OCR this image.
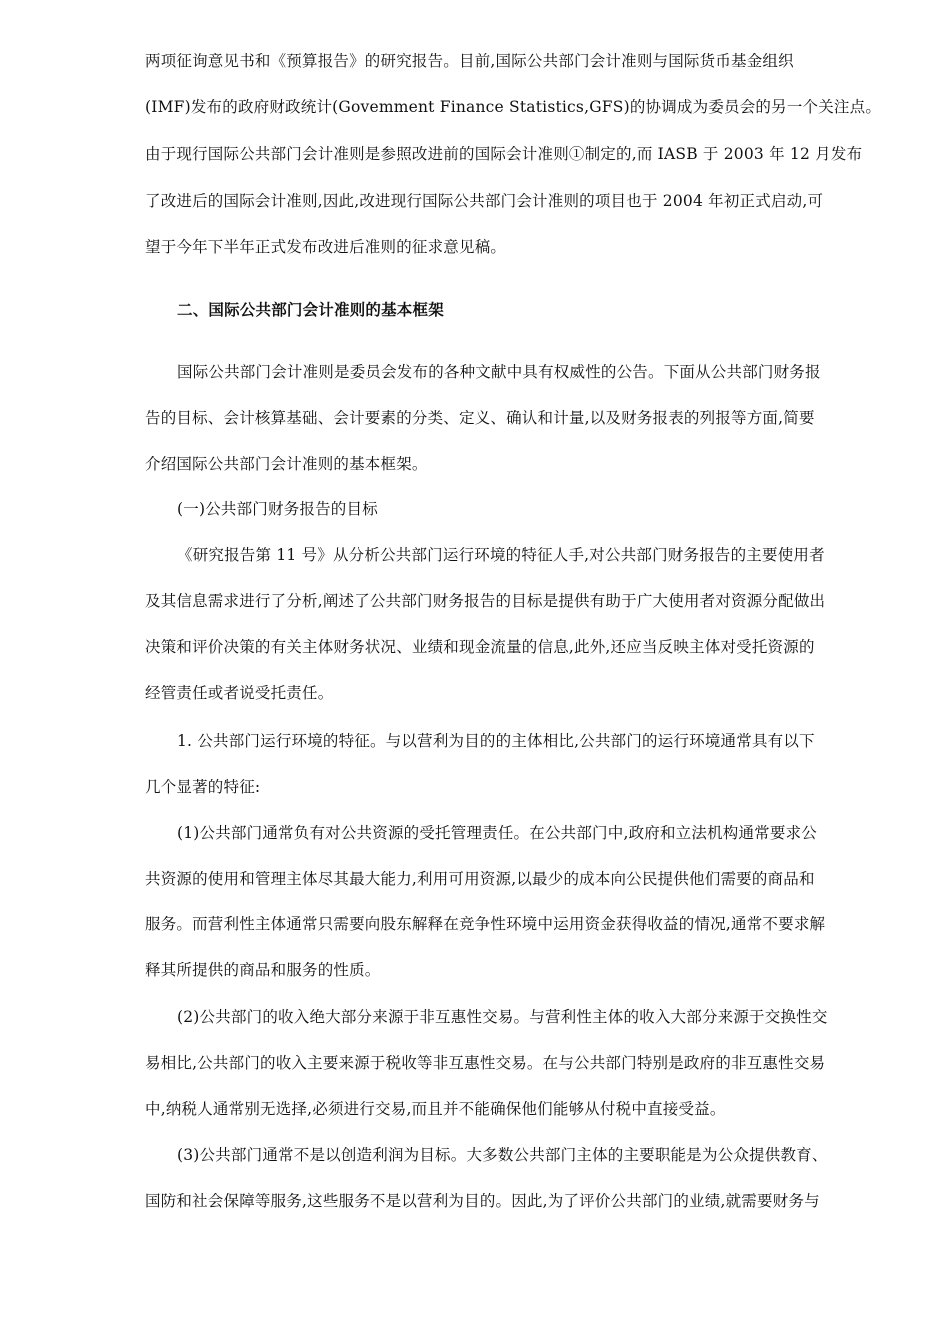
两项征询意见书和《预算报告》的研究报告。目前,国际公共部门会计准则与国际货币基金组织
(IMF)发布的政府财政统计(Govemment Finance Statistics,GFS)的协调成为委员会的另一个关注点。
由于现行国际公共部门会计准则是参照改进前的国际会计准则①制定的,而 IASB 于 2003 年 12 月发布
了改进后的国际会计准则,因此,改进现行国际公共部门会计准则的项目也于 2004 年初正式启动,可
望于今年下半年正式发布改进后准则的征求意见稿。
二、国际公共部门会计准则的基本框架
国际公共部门会计准则是委员会发布的各种文献中具有权威性的公告。下面从公共部门财务报
告的目标、会计核算基础、会计要素的分类、定义、确认和计量,以及财务报表的列报等方面,简要
介绍国际公共部门会计准则的基本框架。
(一)公共部门财务报告的目标
《研究报告第 11 号》从分析公共部门运行环境的特征人手,对公共部门财务报告的主要使用者
及其信息需求进行了分析,阐述了公共部门财务报告的目标是提供有助于广大使用者对资源分配做出
决策和评价决策的有关主体财务状况、业绩和现金流量的信息,此外,还应当反映主体对受托资源的
经管责任或者说受托责任。
1. 公共部门运行环境的特征。与以营利为目的的主体相比,公共部门的运行环境通常具有以下
几个显著的特征:
(1)公共部门通常负有对公共资源的受托管理责任。在公共部门中,政府和立法机构通常要求公
共资源的使用和管理主体尽其最大能力,利用可用资源,以最少的成本向公民提供他们需要的商品和
服务。而营利性主体通常只需要向股东解释在竞争性环境中运用资金获得收益的情况,通常不要求解
释其所提供的商品和服务的性质。
(2)公共部门的收入绝大部分来源于非互惠性交易。与营利性主体的收入大部分来源于交换性交
易相比,公共部门的收入主要来源于税收等非互惠性交易。在与公共部门特别是政府的非互惠性交易
中,纳税人通常别无选择,必须进行交易,而且并不能确保他们能够从付税中直接受益。
(3)公共部门通常不是以创造利润为目标。大多数公共部门主体的主要职能是为公众提供教育、
国防和社会保障等服务,这些服务不是以营利为目的。因此,为了评价公共部门的业绩,就需要财务与
